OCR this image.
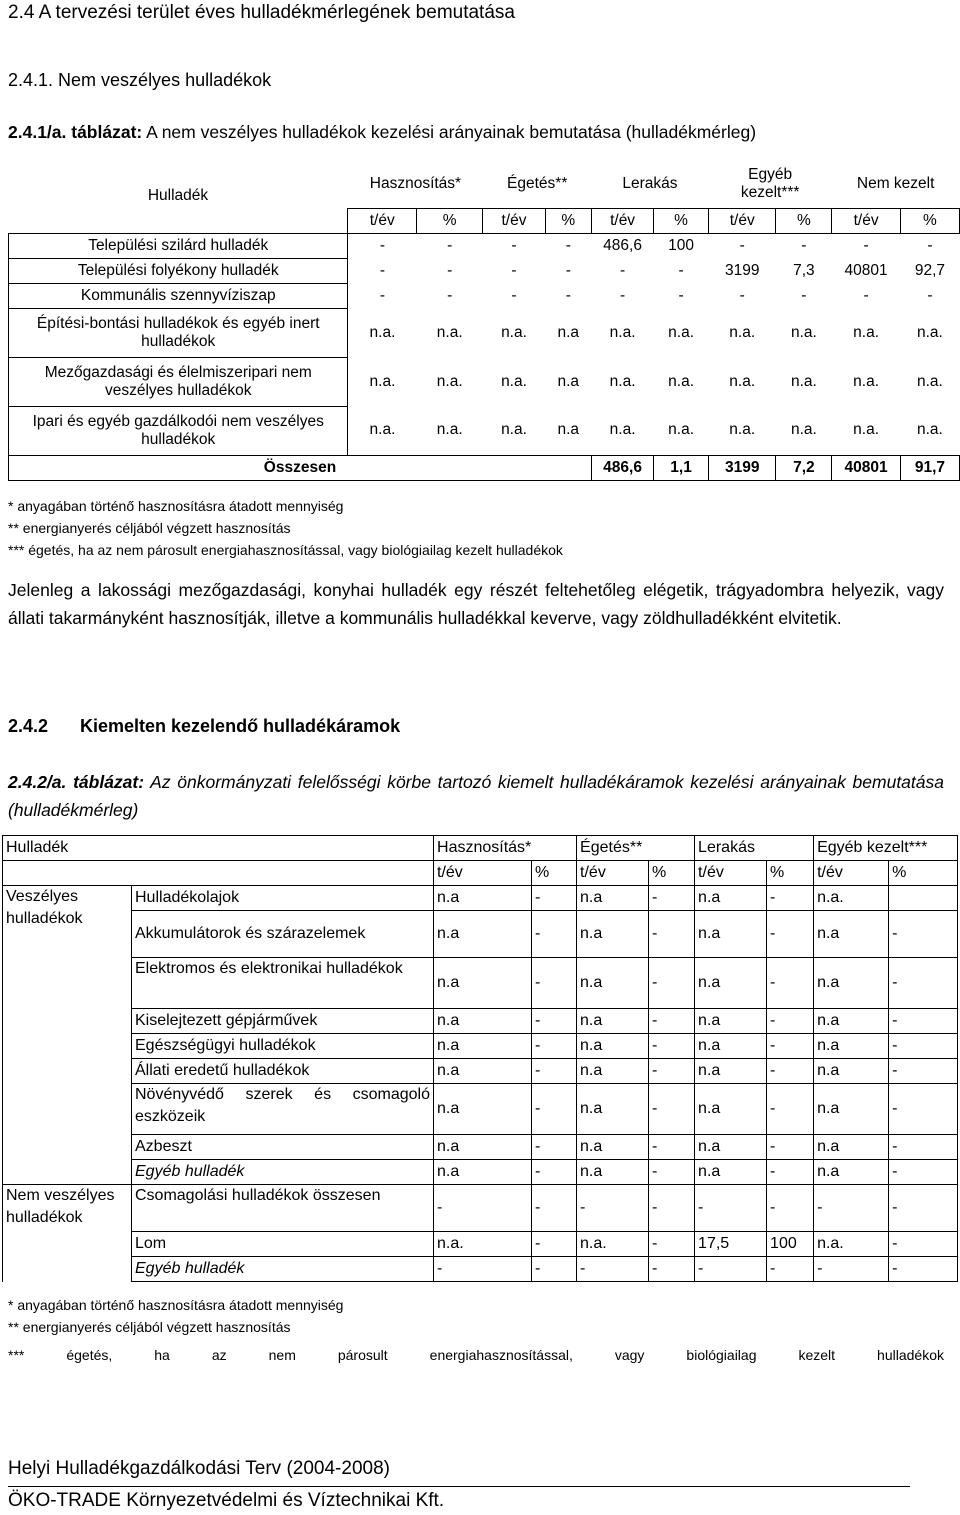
2.4 A tervezési terület éves hulladékmérlegének bemutatása
2.4.1. Nem veszélyes hulladékok
2.4.1/a. táblázat: A nem veszélyes hulladékok kezelési arányainak bemutatása (hulladékmérleg)
Hulladék	Hasznosítás*		Égetés**		Lerakás		Egyéb kezelt***		Nem kezelt	
	t/év	%	t/év	%	t/év	%	t/év	%	t/év	%
Települési szilárd hulladék	-	-	-	-	486,6	100	-	-	-	-
Települési folyékony hulladék	-	-	-	-	-	-	3199	7,3	40801	92,7
Kommunális szennyvíziszap	-	-	-	-	-	-	-	-	-	-
Építési-bontási hulladékok és egyéb inert hulladékok	n.a.	n.a.	n.a.	n.a	n.a.	n.a.	n.a.	n.a.	n.a.	n.a.
Mezőgazdasági és élelmiszeripari nem veszélyes hulladékok	n.a.	n.a.	n.a.	n.a	n.a.	n.a.	n.a.	n.a.	n.a.	n.a.
Ipari és egyéb gazdálkodói nem veszélyes hulladékok	n.a.	n.a.	n.a.	n.a	n.a.	n.a.	n.a.	n.a.	n.a.	n.a.
Összesen					486,6	1,1	3199	7,2	40801	91,7
* anyagában történő hasznosításra átadott mennyiség
** energianyerés céljából végzett hasznosítás
*** égetés, ha az nem párosult energiahasznosítással, vagy biológiailag kezelt hulladékok
Jelenleg a lakossági mezőgazdasági, konyhai hulladék egy részét feltehetőleg elégetik, trágyadombra helyezik, vagy állati takarmányként hasznosítják, illetve a kommunális hulladékkal keverve, vagy zöldhulladékként elvitetik.
2.4.2 Kiemelten kezelendő hulladékáramok
2.4.2/a. táblázat: Az önkormányzati felelősségi körbe tartozó kiemelt hulladékáramok kezelési arányainak bemutatása (hulladékmérleg)
Hulladék		Hasznosítás*		Égetés**		Lerakás		Egyéb kezelt***	
		t/év	%	t/év	%	t/év	%	t/év	%
Veszélyes hulladékok	Hulladékolajok	n.a	-	n.a	-	n.a	-	n.a.	
	Akkumulátorok és szárazelemek	n.a	-	n.a	-	n.a	-	n.a	-
	Elektromos és elektronikai hulladékok	n.a	-	n.a	-	n.a	-	n.a	-
	Kiselejtezett gépjárművek	n.a	-	n.a	-	n.a	-	n.a	-
	Egészségügyi hulladékok	n.a	-	n.a	-	n.a	-	n.a	-
	Állati eredetű hulladékok	n.a	-	n.a	-	n.a	-	n.a	-
	Növényvédő szerek és csomagoló eszközeik	n.a	-	n.a	-	n.a	-	n.a	-
	Azbeszt	n.a	-	n.a	-	n.a	-	n.a	-
	Egyéb hulladék	n.a	-	n.a	-	n.a	-	n.a	-
Nem veszélyes hulladékok	Csomagolási hulladékok összesen	-	-	-	-	-	-	-	-
	Lom	n.a.	-	n.a.	-	17,5	100	n.a.	-
	Egyéb hulladék	-	-	-	-	-	-	-	-
* anyagában történő hasznosításra átadott mennyiség
** energianyerés céljából végzett hasznosítás
*** égetés, ha az nem párosult energiahasznosítással, vagy biológiailag kezelt hulladékok
Helyi Hulladékgazdálkodási Terv (2004-2008)
ÖKO-TRADE Környezetvédelmi és Víztechnikai Kft.
